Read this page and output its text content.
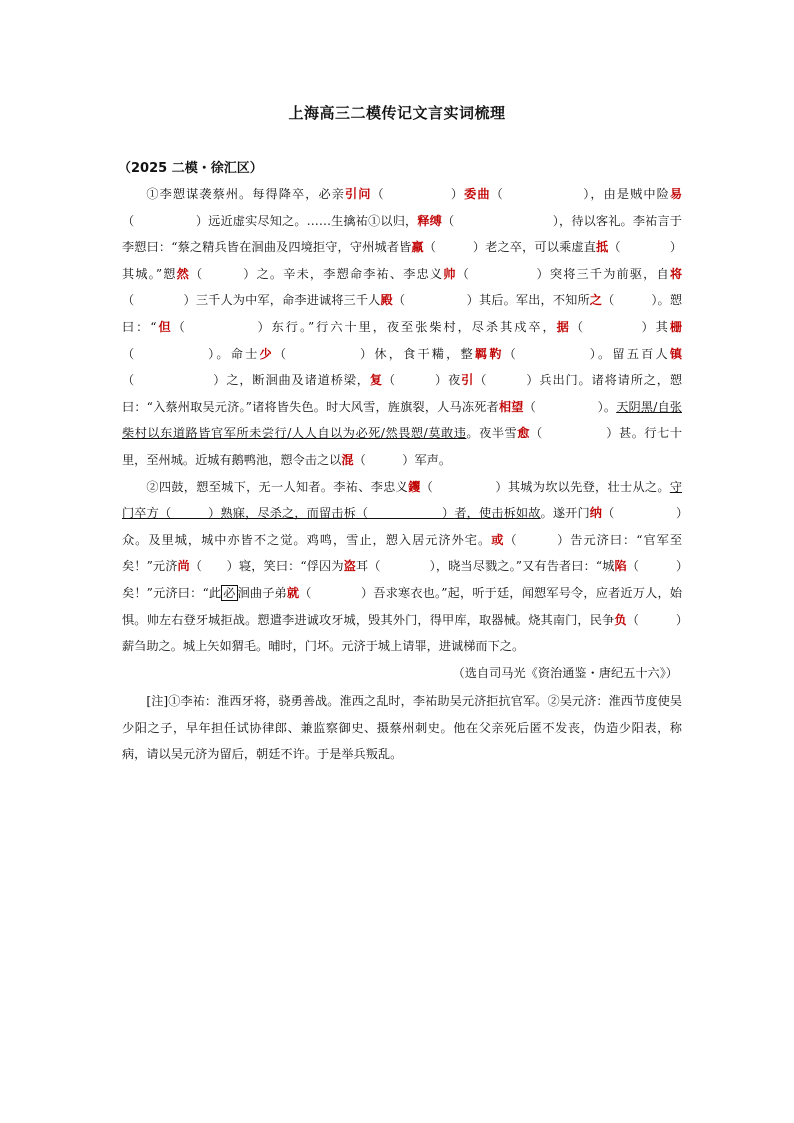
上海高三二模传记文言实词梳理
（2025 二模・徐汇区）

①李愬谋袭蔡州。每得降卒，必亲引问（　　　　　）委曲（　　　　　　），由是贼中险易（　　　　　）远近虚实尽知之。……生擒祐①以归，释缚（　　　　　　　　），待以客礼。李祐言于李愬曰：“蔡之精兵皆在洄曲及四境拒守，守州城者皆羸（　　　）老之卒，可以乘虚直抵（　　　　）其城。”愬然（　　　）之。辛未，李愬命李祐、李忠义帅（　　　　　）突将三千为前驱，自将（　　　　）三千人为中军，命李进诚将三千人殿（　　　　　）其后。军出，不知所之（　　　）。愬曰：“但（　　　　　）东行。”行六十里，夜至张柴村，尽杀其戍卒，据（　　　　）其栅（　　　　　）。命士少（　　　　　）休，食干糒，整羁靮（　　　　　）。留五百人镇（　　　　　　）之，断洄曲及诸道桥梁，复（　　　）夜引（　　　）兵出门。诸将请所之，愬曰：“入蔡州取吴元济。”诸将皆失色。时大风雪，旌旗裂，人马冻死者相望（　　　　　）。天阴黑/自张柴村以东道路皆官军所未尝行/人人自以为必死/然畏愬/莫敢违。夜半雪愈（　　　　　）甚。行七十里，至州城。近城有鹅鸭池，愬令击之以混（　　　）军声。

②四鼓，愬至城下，无一人知者。李祐、李忠义钁（　　　　　）其城为坎以先登，壮士从之。守门卒方（　　　）熟寐，尽杀之，而留击柝（　　　　　　）者，使击柝如故。遂开门纳（　　　　　）众。及里城，城中亦皆不之觉。鸡鸣，雪止，愬入居元济外宅。或（　　　）告元济曰：“官军至矣！”元济尚（　　）寝，笑曰：“俘囚为盗耳（　　　　），晓当尽戮之。”又有告者曰：“城陷（　　　）矣！”元济曰：“此 必 洄曲子弟就（　　　　）吾求寒衣也。”起，听于廷，闻愬军号令，应者近万人，始惧。帅左右登牙城拒战。愬遣李进诚攻牙城，毁其外门，得甲库，取器械。烧其南门，民争负（　　　）薪刍助之。城上矢如猬毛。晡时，门坏。元济于城上请罪，进诚梯而下之。

（选自司马光《资治通鉴・唐纪五十六》）

[注]①李祐：淮西牙将，骁勇善战。淮西之乱时，李祐助吴元济拒抗官军。②吴元济：淮西节度使吴少阳之子，早年担任试协律郎、兼监察御史、摄蔡州刺史。他在父亲死后匿不发丧，伪造少阳表，称病，请以吴元济为留后，朝廷不许。于是举兵叛乱。
